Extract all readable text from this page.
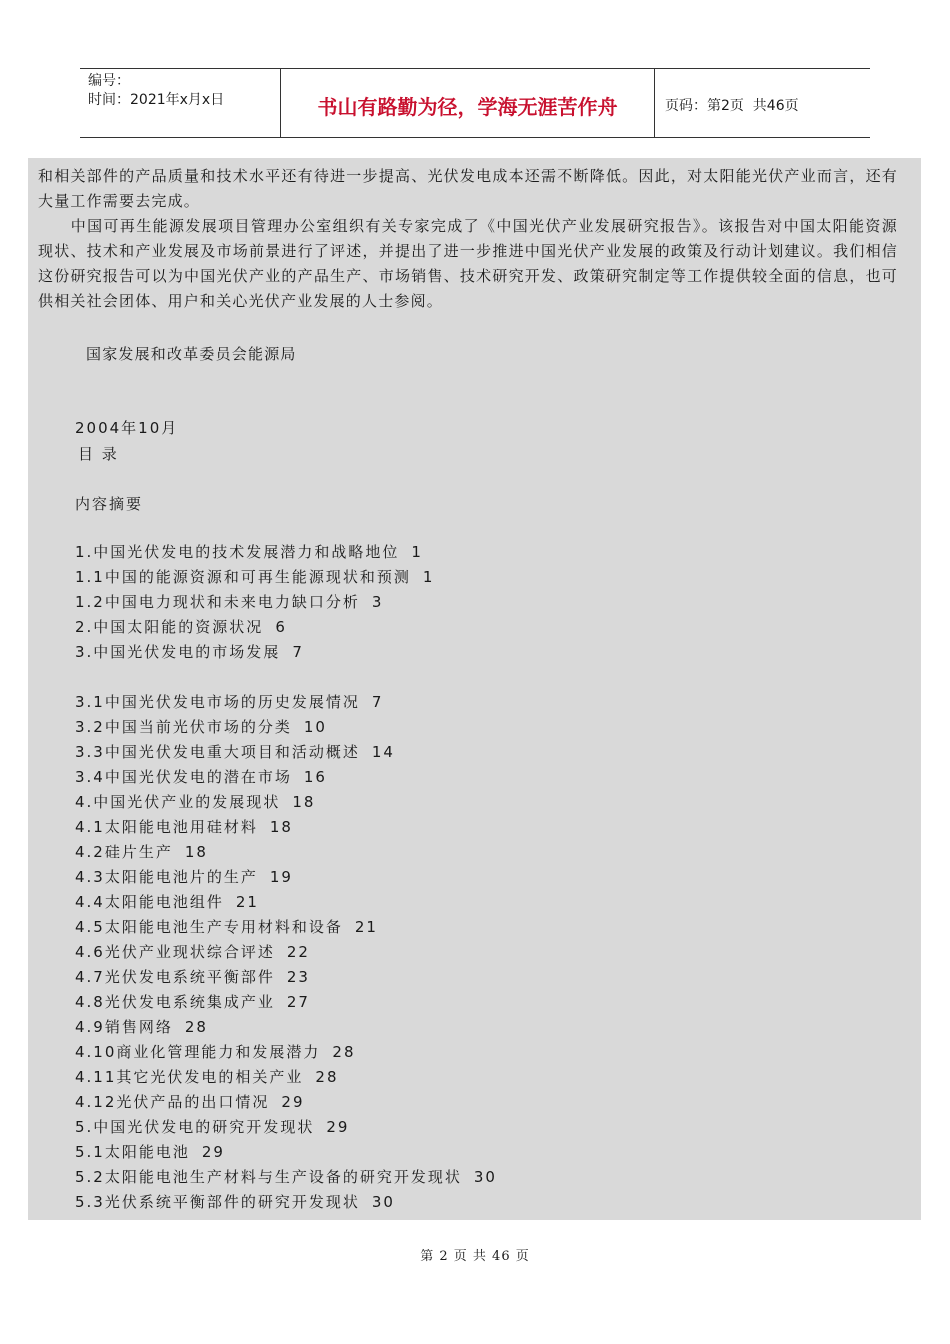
编号：
时间：2021年x月x日	书山有路勤为径，学海无涯苦作舟	页码：第2页  共46页
和相关部件的产品质量和技术水平还有待进一步提高、光伏发电成本还需不断降低。因此，对太阳能光伏产业而言，还有大量工作需要去完成。
　　中国可再生能源发展项目管理办公室组织有关专家完成了《中国光伏产业发展研究报告》。该报告对中国太阳能资源现状、技术和产业发展及市场前景进行了评述，并提出了进一步推进中国光伏产业发展的政策及行动计划建议。我们相信这份研究报告可以为中国光伏产业的产品生产、市场销售、技术研究开发、政策研究制定等工作提供较全面的信息，也可供相关社会团体、用户和关心光伏产业发展的人士参阅。
国家发展和改革委员会能源局
2004年10月
目 录
内容摘要
1.中国光伏发电的技术发展潜力和战略地位 1
1.1中国的能源资源和可再生能源现状和预测 1
1.2中国电力现状和未来电力缺口分析 3
2.中国太阳能的资源状况 6
3.中国光伏发电的市场发展 7
3.1中国光伏发电市场的历史发展情况 7
3.2中国当前光伏市场的分类 10
3.3中国光伏发电重大项目和活动概述 14
3.4中国光伏发电的潜在市场 16
4.中国光伏产业的发展现状 18
4.1太阳能电池用硅材料 18
4.2硅片生产 18
4.3太阳能电池片的生产 19
4.4太阳能电池组件 21
4.5太阳能电池生产专用材料和设备 21
4.6光伏产业现状综合评述 22
4.7光伏发电系统平衡部件 23
4.8光伏发电系统集成产业 27
4.9销售网络 28
4.10商业化管理能力和发展潜力 28
4.11其它光伏发电的相关产业 28
4.12光伏产品的出口情况 29
5.中国光伏发电的研究开发现状 29
5.1太阳能电池 29
5.2太阳能电池生产材料与生产设备的研究开发现状 30
5.3光伏系统平衡部件的研究开发现状 30
第 2 页 共 46 页
